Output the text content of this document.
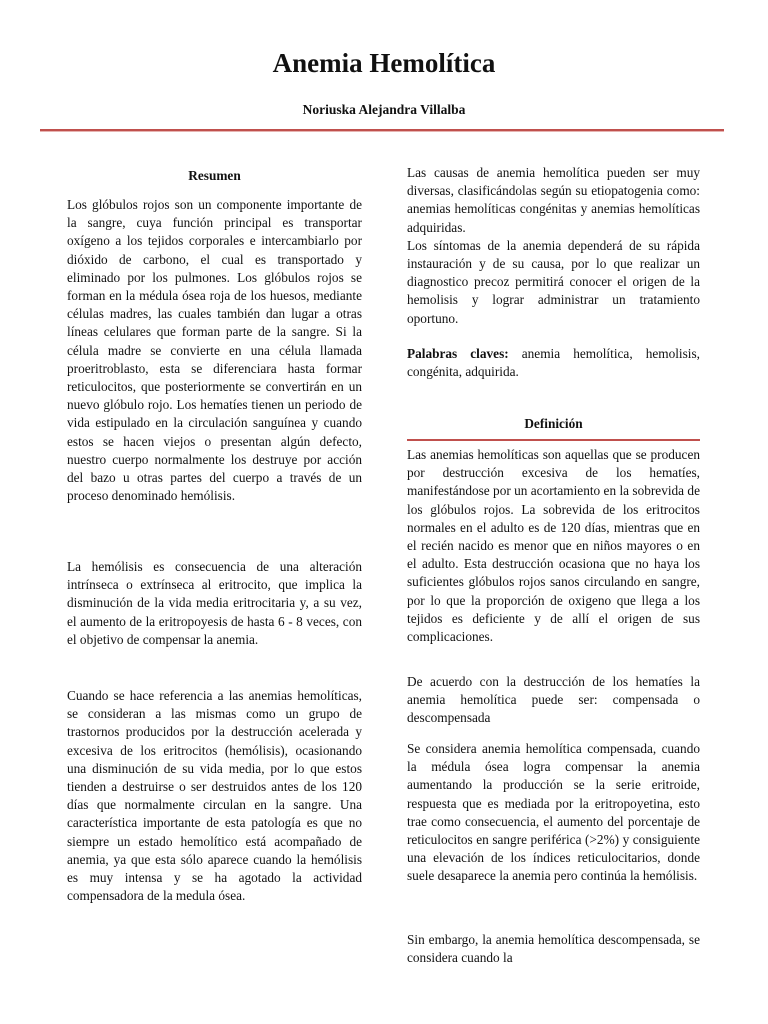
Anemia Hemolítica
Noriuska Alejandra Villalba
Resumen

Los glóbulos rojos son un componente importante de la sangre, cuya función principal es transportar oxígeno a los tejidos corporales e intercambiarlo por dióxido de carbono, el cual es transportado y eliminado por los pulmones. Los glóbulos rojos se forman en la médula ósea roja de los huesos, mediante células madres, las cuales también dan lugar a otras líneas celulares que forman parte de la sangre. Si la célula madre se convierte en una célula llamada proeritroblasto, esta se diferenciara hasta formar reticulocitos, que posteriormente se convertirán en un nuevo glóbulo rojo. Los hematíes tienen un periodo de vida estipulado en la circulación sanguínea y cuando estos se hacen viejos o presentan algún defecto, nuestro cuerpo normalmente los destruye por acción del bazo u otras partes del cuerpo a través de un proceso denominado hemólisis.

La hemólisis es consecuencia de una alteración intrínseca o extrínseca al eritrocito, que implica la disminución de la vida media eritrocitaria y, a su vez, el aumento de la eritropoyesis de hasta 6 - 8 veces, con el objetivo de compensar la anemia.

Cuando se hace referencia a las anemias hemolíticas, se consideran a las mismas como un grupo de trastornos producidos por la destrucción acelerada y excesiva de los eritrocitos (hemólisis), ocasionando una disminución de su vida media, por lo que estos tienden a destruirse o ser destruidos antes de los 120 días que normalmente circulan en la sangre. Una característica importante de esta patología es que no siempre un estado hemolítico está acompañado de anemia, ya que esta sólo aparece cuando la hemólisis es muy intensa y se ha agotado la actividad compensadora de la medula ósea.

Las causas de anemia hemolítica pueden ser muy diversas, clasificándolas según su etiopatogenia como: anemias hemolíticas congénitas y anemias hemolíticas adquiridas.

Los síntomas de la anemia dependerá de su rápida instauración y de su causa, por lo que realizar un diagnostico precoz permitirá conocer el origen de la hemolisis y lograr administrar un tratamiento oportuno.

Palabras claves: anemia hemolítica, hemolisis, congénita, adquirida.

Definición

Las anemias hemolíticas son aquellas que se producen por destrucción excesiva de los hematíes, manifestándose por un acortamiento en la sobrevida de los glóbulos rojos. La sobrevida de los eritrocitos normales en el adulto es de 120 días, mientras que en el recién nacido es menor que en niños mayores o en el adulto. Esta destrucción ocasiona que no haya los suficientes glóbulos rojos sanos circulando en sangre, por lo que la proporción de oxigeno que llega a los tejidos es deficiente y de allí el origen de sus complicaciones.

De acuerdo con la destrucción de los hematíes la anemia hemolítica puede ser: compensada o descompensada

Se considera anemia hemolítica compensada, cuando la médula ósea logra compensar la anemia aumentando la producción se la serie eritroide, respuesta que es mediada por la eritropoyetina, esto trae como consecuencia, el aumento del porcentaje de reticulocitos en sangre periférica (>2%) y consiguiente una elevación de los índices reticulocitarios, donde suele desaparece la anemia pero continúa la hemólisis.

Sin embargo, la anemia hemolítica descompensada, se considera cuando la
